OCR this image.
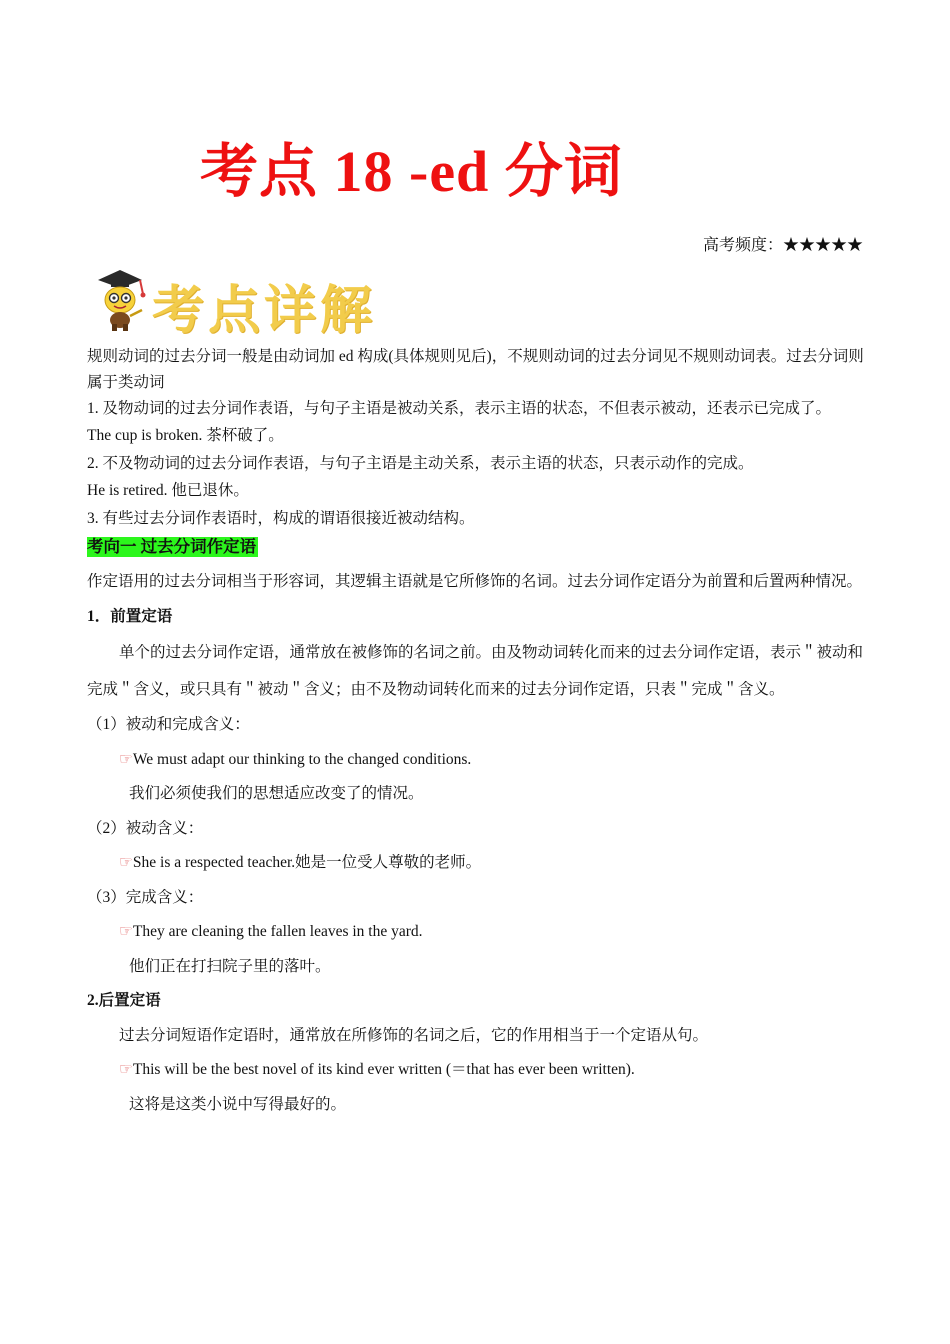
考点 18 -ed 分词
高考频度：★★★★★
考点详解

规则动词的过去分词一般是由动词加 ed 构成(具体规则见后)，不规则动词的过去分词见不规则动词表。过去分词则属于类动词

1. 及物动词的过去分词作表语，与句子主语是被动关系，表示主语的状态，不但表示被动，还表示已完成了。

The cup is broken. 茶杯破了。

2. 不及物动词的过去分词作表语，与句子主语是主动关系，表示主语的状态，只表示动作的完成。

He is retired. 他已退休。

3. 有些过去分词作表语时，构成的谓语很接近被动结构。

考向一 过去分词作定语

作定语用的过去分词相当于形容词，其逻辑主语就是它所修饰的名词。过去分词作定语分为前置和后置两种情况。

1．前置定语

单个的过去分词作定语，通常放在被修饰的名词之前。由及物动词转化而来的过去分词作定语，表示＂被动和完成＂含义，或只具有＂被动＂含义；由不及物动词转化而来的过去分词作定语，只表＂完成＂含义。

（1）被动和完成含义：
☞We must adapt our thinking to the changed conditions.
我们必须使我们的思想适应改变了的情况。
（2）被动含义：
☞She is a respected teacher.她是一位受人尊敬的老师。
（3）完成含义：
☞They are cleaning the fallen leaves in the yard.
他们正在打扫院子里的落叶。
2.后置定语
过去分词短语作定语时，通常放在所修饰的名词之后，它的作用相当于一个定语从句。
☞This will be the best novel of its kind ever written (＝that has ever been written).
这将是这类小说中写得最好的。
